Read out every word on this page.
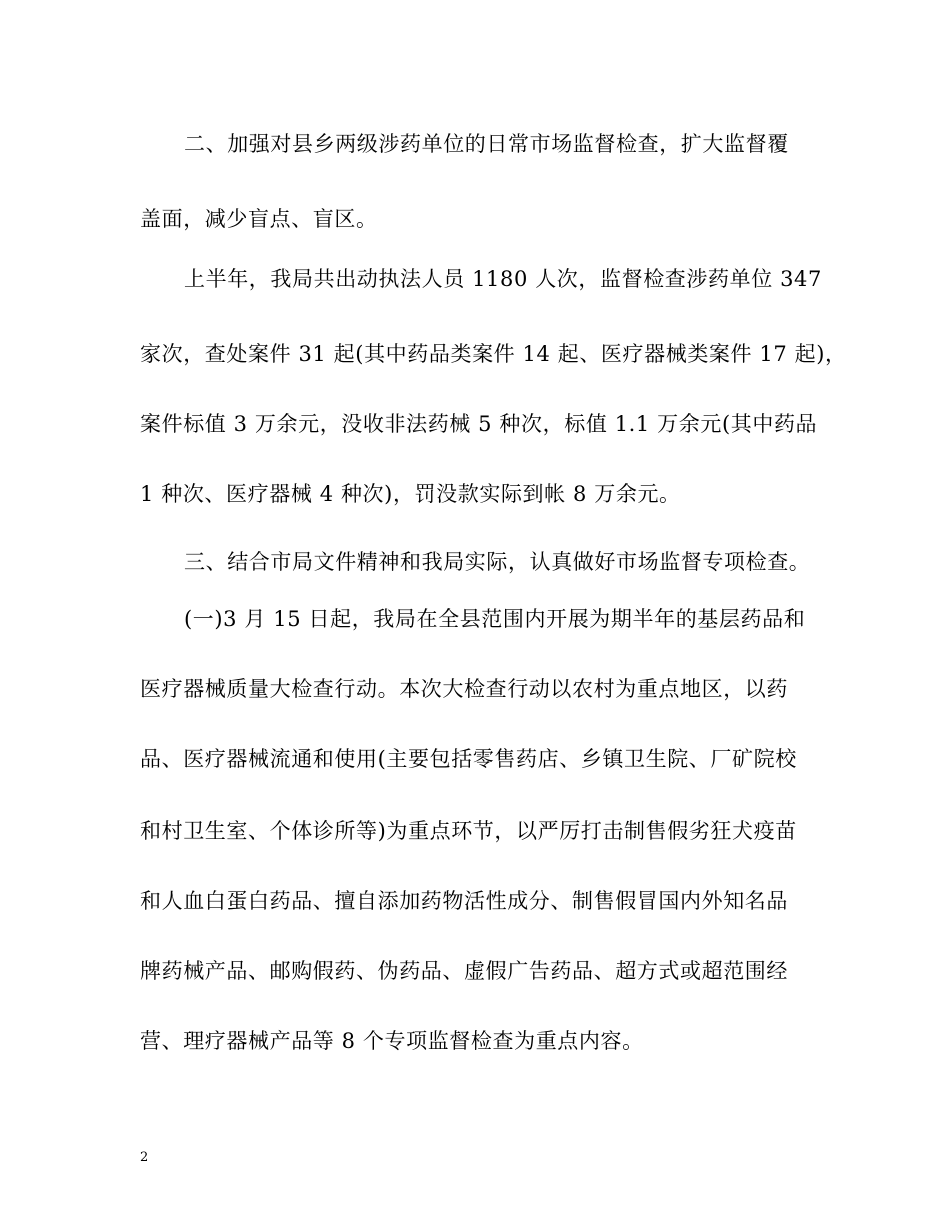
二、加强对县乡两级涉药单位的日常市场监督检查，扩大监督覆
盖面，减少盲点、盲区。
上半年，我局共出动执法人员 1180 人次，监督检查涉药单位 347
家次，查处案件 31 起(其中药品类案件 14 起、医疗器械类案件 17 起)，
案件标值 3 万余元，没收非法药械 5 种次，标值 1.1 万余元(其中药品
1 种次、医疗器械 4 种次)，罚没款实际到帐 8 万余元。
三、结合市局文件精神和我局实际，认真做好市场监督专项检查。
(一)3 月 15 日起，我局在全县范围内开展为期半年的基层药品和
医疗器械质量大检查行动。本次大检查行动以农村为重点地区，以药
品、医疗器械流通和使用(主要包括零售药店、乡镇卫生院、厂矿院校
和村卫生室、个体诊所等)为重点环节，以严厉打击制售假劣狂犬疫苗
和人血白蛋白药品、擅自添加药物活性成分、制售假冒国内外知名品
牌药械产品、邮购假药、伪药品、虚假广告药品、超方式或超范围经
营、理疗器械产品等 8 个专项监督检查为重点内容。
2
